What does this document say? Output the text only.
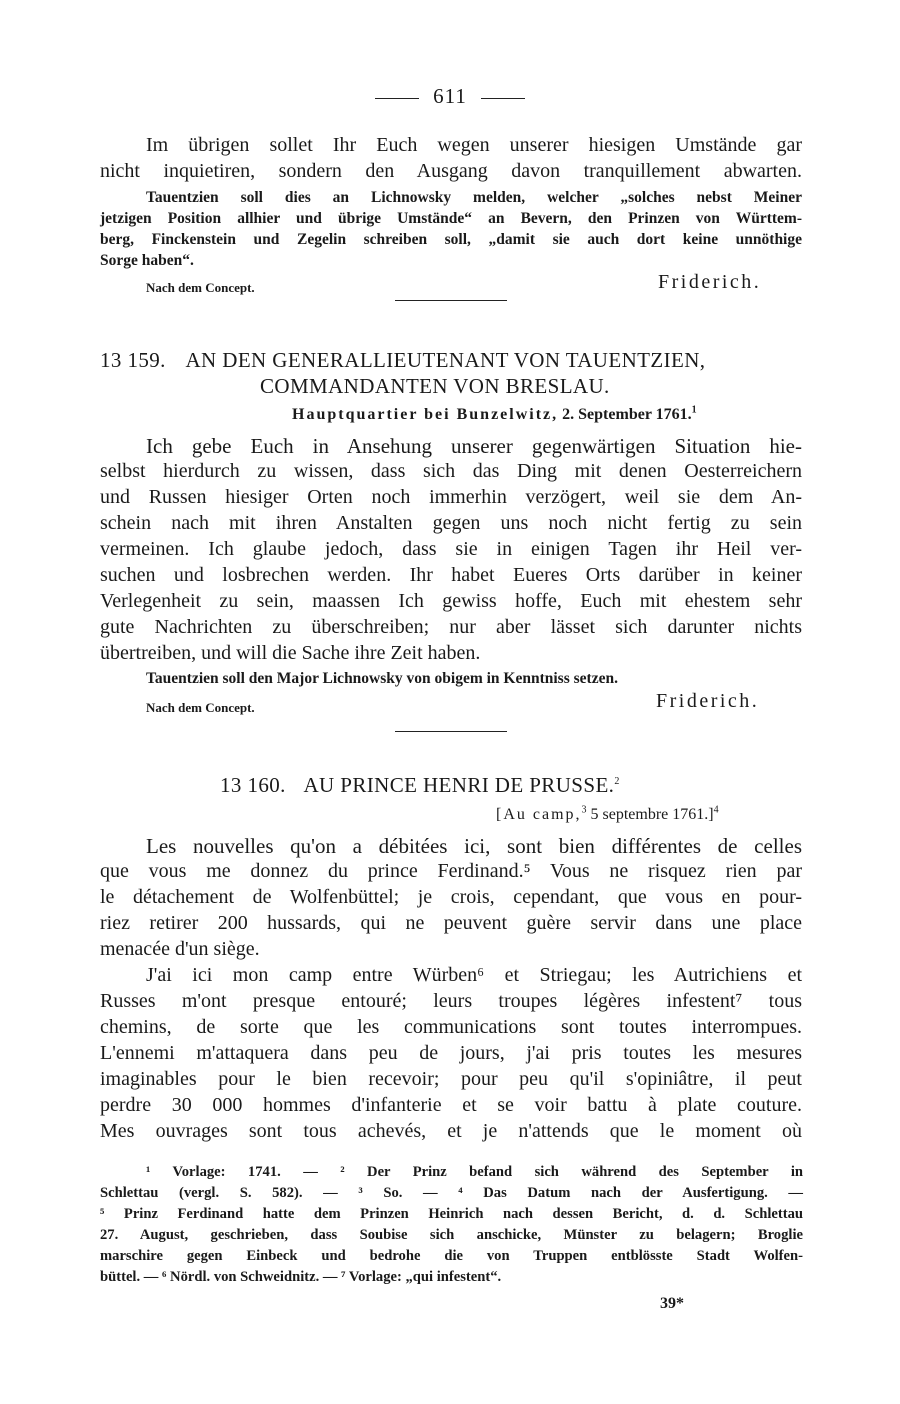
611
Im übrigen sollet Ihr Euch wegen unserer hiesigen Umstände gar
nicht inquietiren, sondern den Ausgang davon tranquillement abwarten.
Tauentzien soll dies an Lichnowsky melden, welcher „solches nebst Meiner
jetzigen Position allhier und übrige Umstände“ an Bevern, den Prinzen von Württem-
berg, Finckenstein und Zegelin schreiben soll, „damit sie auch dort keine unnöthige
Sorge haben“.
Nach dem Concept.	Friderich.
13 159. AN DEN GENERALLIEUTENANT VON TAUENTZIEN,
COMMANDANTEN VON BRESLAU.
Hauptquartier bei Bunzelwitz, 2. September 1761.$^1$
Ich gebe Euch in Ansehung unserer gegenwärtigen Situation hie-
selbst hierdurch zu wissen, dass sich das Ding mit denen Oesterreichern
und Russen hiesiger Orten noch immerhin verzögert, weil sie dem An-
schein nach mit ihren Anstalten gegen uns noch nicht fertig zu sein
vermeinen. Ich glaube jedoch, dass sie in einigen Tagen ihr Heil ver-
suchen und losbrechen werden. Ihr habet Eueres Orts darüber in keiner
Verlegenheit zu sein, maassen Ich gewiss hoffe, Euch mit ehestem sehr
gute Nachrichten zu überschreiben; nur aber lässet sich darunter nichts
übertreiben, und will die Sache ihre Zeit haben.
Tauentzien soll den Major Lichnowsky von obigem in Kenntniss setzen.
Nach dem Concept.	Friderich.
13 160. AU PRINCE HENRI DE PRUSSE.$^2$
[Au camp,$^3$ 5 septembre 1761.]$^4$
Les nouvelles qu'on a débitées ici, sont bien différentes de celles
que vous me donnez du prince Ferdinand.⁵ Vous ne risquez rien par
le détachement de Wolfenbüttel; je crois, cependant, que vous en pour-
riez retirer 200 hussards, qui ne peuvent guère servir dans une place
menacée d'un siège.
J'ai ici mon camp entre Würben⁶ et Striegau; les Autrichiens et
Russes m'ont presque entouré; leurs troupes légères infestent⁷ tous
chemins, de sorte que les communications sont toutes interrompues.
L'ennemi m'attaquera dans peu de jours, j'ai pris toutes les mesures
imaginables pour le bien recevoir; pour peu qu'il s'opiniâtre, il peut
perdre 30 000 hommes d'infanterie et se voir battu à plate couture.
Mes ouvrages sont tous achevés, et je n'attends que le moment où
¹ Vorlage: 1741. — ² Der Prinz befand sich während des September in
Schlettau (vergl. S. 582). — ³ So. — ⁴ Das Datum nach der Ausfertigung. —
⁵ Prinz Ferdinand hatte dem Prinzen Heinrich nach dessen Bericht, d. d. Schlettau
27. August, geschrieben, dass Soubise sich anschicke, Münster zu belagern; Broglie
marschire gegen Einbeck und bedrohe die von Truppen entblösste Stadt Wolfen-
büttel. — ⁶ Nördl. von Schweidnitz. — ⁷ Vorlage: „qui infestent“.
39*
